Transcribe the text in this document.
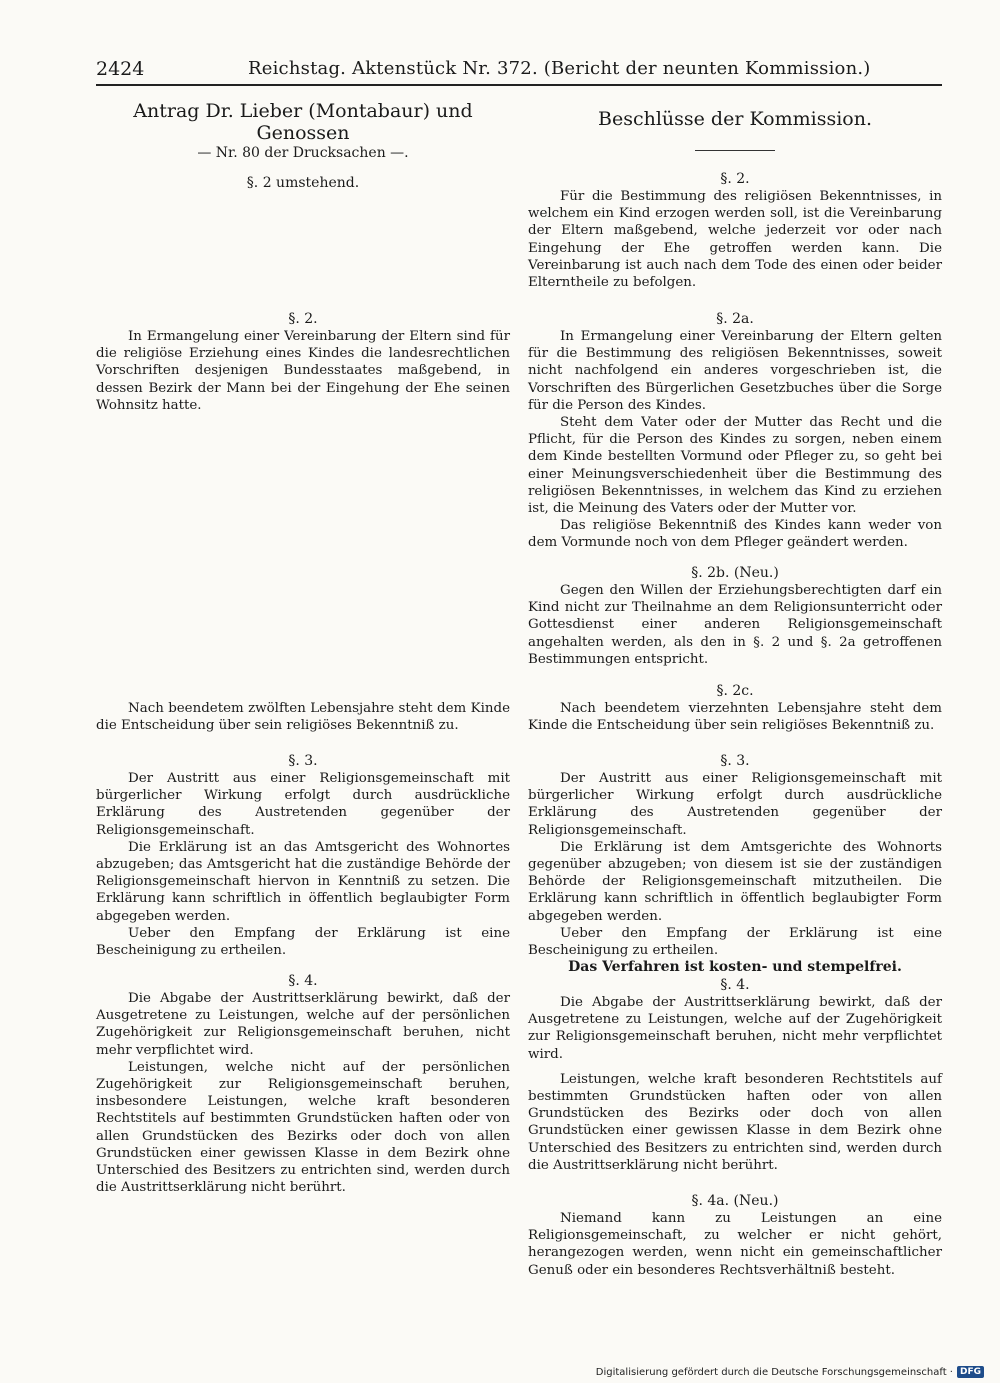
2424	Reichstag. Aktenstück Nr. 372. (Bericht der neunten Kommission.)
Antrag Dr. Lieber (Montabaur) und Genossen
— Nr. 80 der Drucksachen —.
§. 2 umstehend.
§. 2.

In Ermangelung einer Vereinbarung der Eltern sind für die religiöse Erziehung eines Kindes die landesrechtlichen Vorschriften desjenigen Bundesstaates maßgebend, in dessen Bezirk der Mann bei der Eingehung der Ehe seinen Wohnsitz hatte.

Nach beendetem zwölften Lebensjahre steht dem Kinde die Entscheidung über sein religiöses Bekenntniß zu.

§. 3.

Der Austritt aus einer Religionsgemeinschaft mit bürgerlicher Wirkung erfolgt durch ausdrückliche Erklärung des Austretenden gegenüber der Religionsgemeinschaft.

Die Erklärung ist an das Amtsgericht des Wohnortes abzugeben; das Amtsgericht hat die zuständige Behörde der Religionsgemeinschaft hiervon in Kenntniß zu setzen. Die Erklärung kann schriftlich in öffentlich beglaubigter Form abgegeben werden.

Ueber den Empfang der Erklärung ist eine Bescheinigung zu ertheilen.

§. 4.

Die Abgabe der Austrittserklärung bewirkt, daß der Ausgetretene zu Leistungen, welche auf der persönlichen Zugehörigkeit zur Religionsgemeinschaft beruhen, nicht mehr verpflichtet wird.

Leistungen, welche nicht auf der persönlichen Zugehörigkeit zur Religionsgemeinschaft beruhen, insbesondere Leistungen, welche kraft besonderen Rechtstitels auf bestimmten Grundstücken haften oder von allen Grundstücken des Bezirks oder doch von allen Grundstücken einer gewissen Klasse in dem Bezirk ohne Unterschied des Besitzers zu entrichten sind, werden durch die Austrittserklärung nicht berührt.

Beschlüsse der Kommission.
§. 2.

Für die Bestimmung des religiösen Bekenntnisses, in welchem ein Kind erzogen werden soll, ist die Vereinbarung der Eltern maßgebend, welche jederzeit vor oder nach Eingehung der Ehe getroffen werden kann. Die Vereinbarung ist auch nach dem Tode des einen oder beider Elterntheile zu befolgen.

§. 2a.

In Ermangelung einer Vereinbarung der Eltern gelten für die Bestimmung des religiösen Bekenntnisses, soweit nicht nachfolgend ein anderes vorgeschrieben ist, die Vorschriften des Bürgerlichen Gesetzbuches über die Sorge für die Person des Kindes.

Steht dem Vater oder der Mutter das Recht und die Pflicht, für die Person des Kindes zu sorgen, neben einem dem Kinde bestellten Vormund oder Pfleger zu, so geht bei einer Meinungsverschiedenheit über die Bestimmung des religiösen Bekenntnisses, in welchem das Kind zu erziehen ist, die Meinung des Vaters oder der Mutter vor.

Das religiöse Bekenntniß des Kindes kann weder von dem Vormunde noch von dem Pfleger geändert werden.

§. 2b. (Neu.)

Gegen den Willen der Erziehungsberechtigten darf ein Kind nicht zur Theilnahme an dem Religionsunterricht oder Gottesdienst einer anderen Religionsgemeinschaft angehalten werden, als den in §. 2 und §. 2a getroffenen Bestimmungen entspricht.

§. 2c.

Nach beendetem vierzehnten Lebensjahre steht dem Kinde die Entscheidung über sein religiöses Bekenntniß zu.

§. 3.

Der Austritt aus einer Religionsgemeinschaft mit bürgerlicher Wirkung erfolgt durch ausdrückliche Erklärung des Austretenden gegenüber der Religionsgemeinschaft.

Die Erklärung ist dem Amtsgerichte des Wohnorts gegenüber abzugeben; von diesem ist sie der zuständigen Behörde der Religionsgemeinschaft mitzutheilen. Die Erklärung kann schriftlich in öffentlich beglaubigter Form abgegeben werden.

Ueber den Empfang der Erklärung ist eine Bescheinigung zu ertheilen.

Das Verfahren ist kosten- und stempelfrei.

§. 4.

Die Abgabe der Austrittserklärung bewirkt, daß der Ausgetretene zu Leistungen, welche auf der Zugehörigkeit zur Religionsgemeinschaft beruhen, nicht mehr verpflichtet wird.

Leistungen, welche kraft besonderen Rechtstitels auf bestimmten Grundstücken haften oder von allen Grundstücken des Bezirks oder doch von allen Grundstücken einer gewissen Klasse in dem Bezirk ohne Unterschied des Besitzers zu entrichten sind, werden durch die Austrittserklärung nicht berührt.

§. 4a. (Neu.)

Niemand kann zu Leistungen an eine Religionsgemeinschaft, zu welcher er nicht gehört, herangezogen werden, wenn nicht ein gemeinschaftlicher Genuß oder ein besonderes Rechtsverhältniß besteht.

Digitalisierung gefördert durch die Deutsche Forschungsgemeinschaft · DFG
